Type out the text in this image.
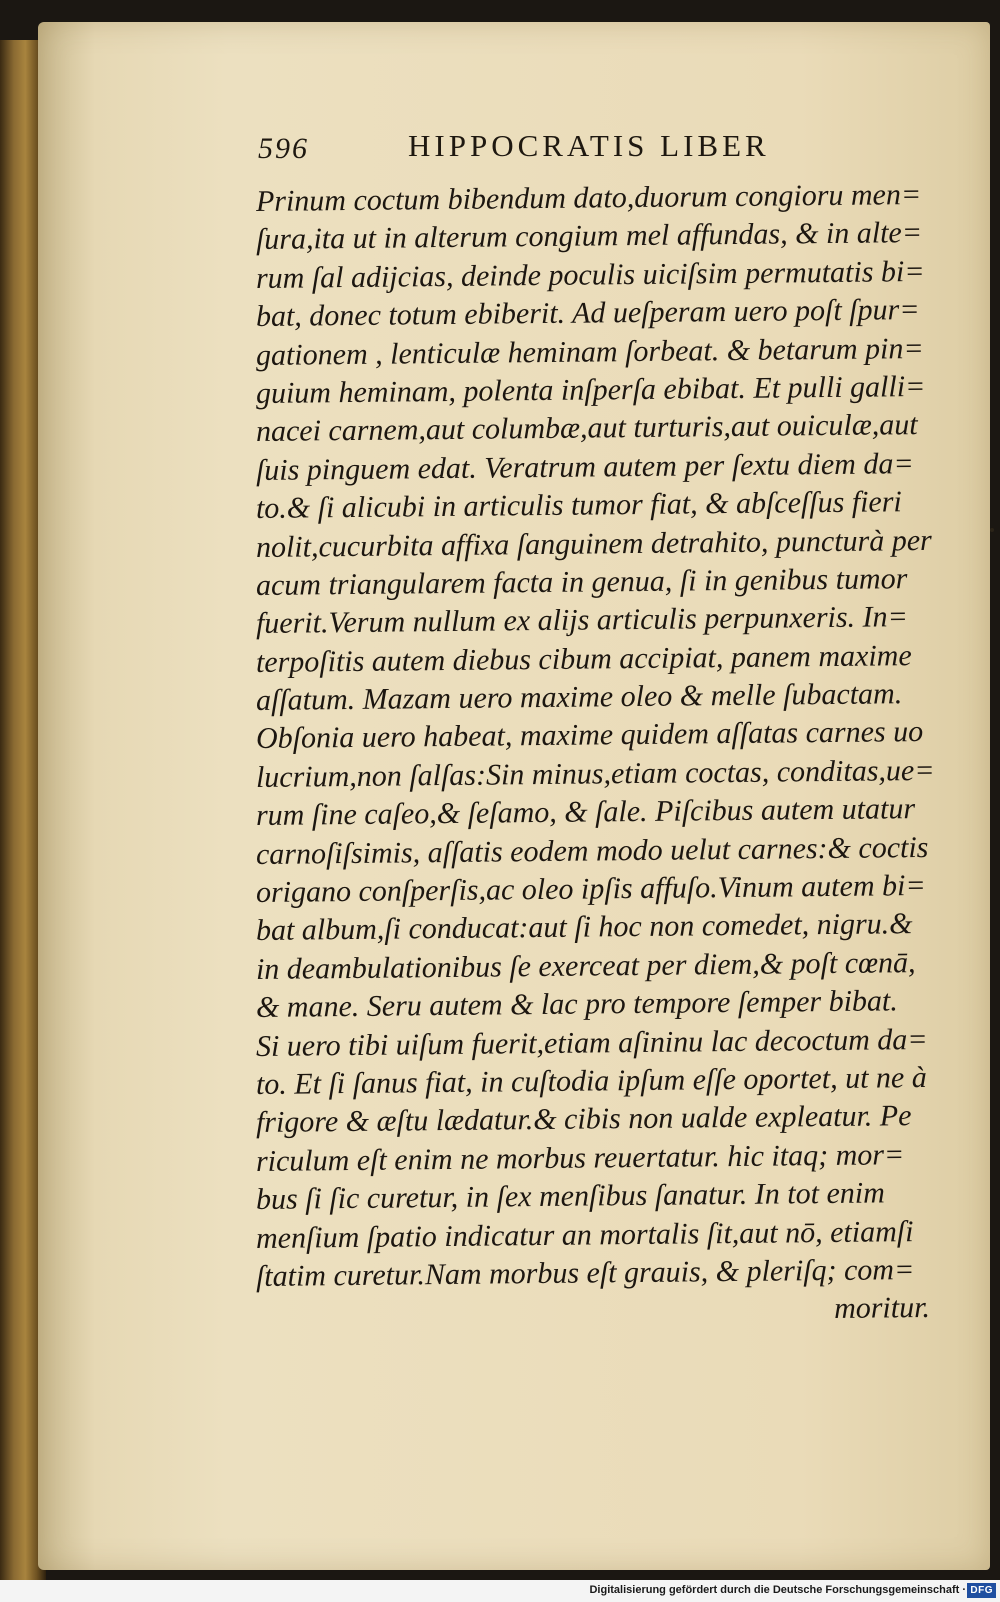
596	HIPPOCRATIS LIBER
Prinum coctum bibendum dato,duorum congioru men=
ſura,ita ut in alterum congium mel affundas, & in alte=
rum ſal adijcias, deinde poculis uiciſsim permutatis bi=
bat, donec totum ebiberit. Ad ueſperam uero poſt ſpur=
gationem , lenticulæ heminam ſorbeat. & betarum pin=
guium heminam, polenta inſperſa ebibat. Et pulli galli=
nacei carnem,aut columbæ,aut turturis,aut ouiculæ,aut
ſuis pinguem edat. Veratrum autem per ſextu diem da=
to.& ſi alicubi in articulis tumor fiat, & abſceſſus fieri
nolit,cucurbita affixa ſanguinem detrahito, puncturà per
acum triangularem facta in genua, ſi in genibus tumor
fuerit.Verum nullum ex alijs articulis perpunxeris. In=
terpoſitis autem diebus cibum accipiat, panem maxime
aſſatum. Mazam uero maxime oleo & melle ſubactam.
Obſonia uero habeat, maxime quidem aſſatas carnes uo
lucrium,non ſalſas:Sin minus,etiam coctas, conditas,ue=
rum ſine caſeo,& ſeſamo, & ſale. Piſcibus autem utatur
carnoſiſsimis, aſſatis eodem modo uelut carnes:& coctis
origano conſperſis,ac oleo ipſis affuſo.Vinum autem bi=
bat album,ſi conducat:aut ſi hoc non comedet, nigru.&
in deambulationibus ſe exerceat per diem,& poſt cœnā,
& mane. Seru autem & lac pro tempore ſemper bibat.
Si uero tibi uiſum fuerit,etiam aſininu lac decoctum da=
to. Et ſi ſanus fiat, in cuſtodia ipſum eſſe oportet, ut ne à
frigore & æſtu lædatur.& cibis non ualde expleatur. Pe
riculum eſt enim ne morbus reuertatur. hic itaq; mor=
bus ſi ſic curetur, in ſex menſibus ſanatur. In tot enim
menſium ſpatio indicatur an mortalis ſit,aut nō, etiamſi
ſtatim curetur.Nam morbus eſt grauis, & pleriſq; com=
moritur.
Digitalisierung gefördert durch die Deutsche Forschungsgemeinschaft · DFG
